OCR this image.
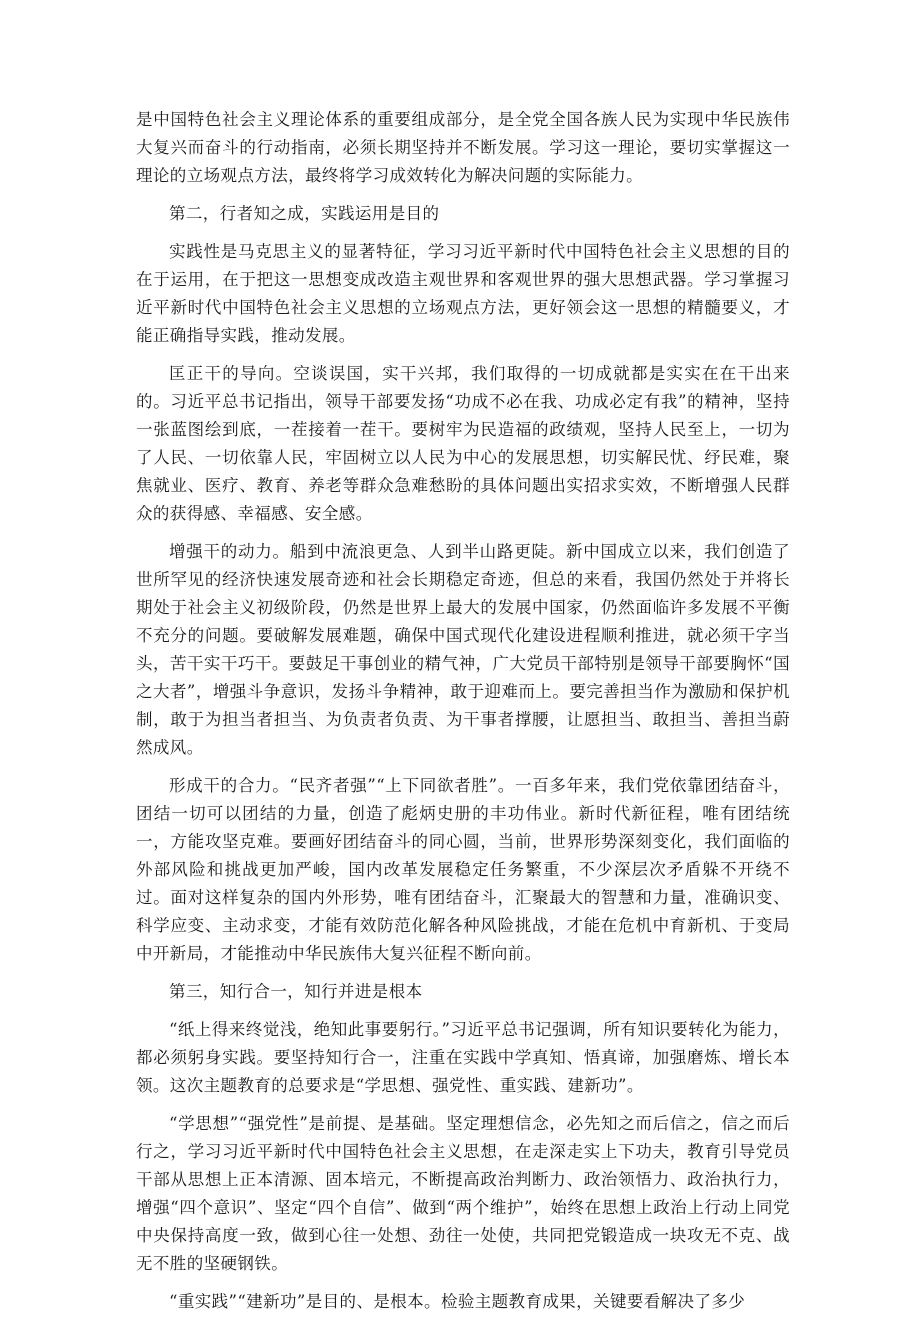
是中国特色社会主义理论体系的重要组成部分，是全党全国各族人民为实现中华民族伟大复兴而奋斗的行动指南，必须长期坚持并不断发展。学习这一理论，要切实掌握这一理论的立场观点方法，最终将学习成效转化为解决问题的实际能力。

第二，行者知之成，实践运用是目的

实践性是马克思主义的显著特征，学习习近平新时代中国特色社会主义思想的目的在于运用，在于把这一思想变成改造主观世界和客观世界的强大思想武器。学习掌握习近平新时代中国特色社会主义思想的立场观点方法，更好领会这一思想的精髓要义，才能正确指导实践，推动发展。

匡正干的导向。空谈误国，实干兴邦，我们取得的一切成就都是实实在在干出来的。习近平总书记指出，领导干部要发扬“功成不必在我、功成必定有我”的精神，坚持一张蓝图绘到底，一茬接着一茬干。要树牢为民造福的政绩观，坚持人民至上，一切为了人民、一切依靠人民，牢固树立以人民为中心的发展思想，切实解民忧、纾民难，聚焦就业、医疗、教育、养老等群众急难愁盼的具体问题出实招求实效，不断增强人民群众的获得感、幸福感、安全感。

增强干的动力。船到中流浪更急、人到半山路更陡。新中国成立以来，我们创造了世所罕见的经济快速发展奇迹和社会长期稳定奇迹，但总的来看，我国仍然处于并将长期处于社会主义初级阶段，仍然是世界上最大的发展中国家，仍然面临许多发展不平衡不充分的问题。要破解发展难题，确保中国式现代化建设进程顺利推进，就必须干字当头，苦干实干巧干。要鼓足干事创业的精气神，广大党员干部特别是领导干部要胸怀“国之大者”，增强斗争意识，发扬斗争精神，敢于迎难而上。要完善担当作为激励和保护机制，敢于为担当者担当、为负责者负责、为干事者撑腰，让愿担当、敢担当、善担当蔚然成风。

形成干的合力。“民齐者强”“上下同欲者胜”。一百多年来，我们党依靠团结奋斗，团结一切可以团结的力量，创造了彪炳史册的丰功伟业。新时代新征程，唯有团结统一，方能攻坚克难。要画好团结奋斗的同心圆，当前，世界形势深刻变化，我们面临的外部风险和挑战更加严峻，国内改革发展稳定任务繁重，不少深层次矛盾躲不开绕不过。面对这样复杂的国内外形势，唯有团结奋斗，汇聚最大的智慧和力量，准确识变、科学应变、主动求变，才能有效防范化解各种风险挑战，才能在危机中育新机、于变局中开新局，才能推动中华民族伟大复兴征程不断向前。

第三，知行合一，知行并进是根本

“纸上得来终觉浅，绝知此事要躬行。”习近平总书记强调，所有知识要转化为能力，都必须躬身实践。要坚持知行合一，注重在实践中学真知、悟真谛，加强磨炼、增长本领。这次主题教育的总要求是“学思想、强党性、重实践、建新功”。

“学思想”“强党性”是前提、是基础。坚定理想信念，必先知之而后信之，信之而后行之，学习习近平新时代中国特色社会主义思想，在走深走实上下功夫，教育引导党员干部从思想上正本清源、固本培元，不断提高政治判断力、政治领悟力、政治执行力，增强“四个意识”、坚定“四个自信”、做到“两个维护”，始终在思想上政治上行动上同党中央保持高度一致，做到心往一处想、劲往一处使，共同把党锻造成一块攻无不克、战无不胜的坚硬钢铁。

“重实践”“建新功”是目的、是根本。检验主题教育成果，关键要看解决了多少
